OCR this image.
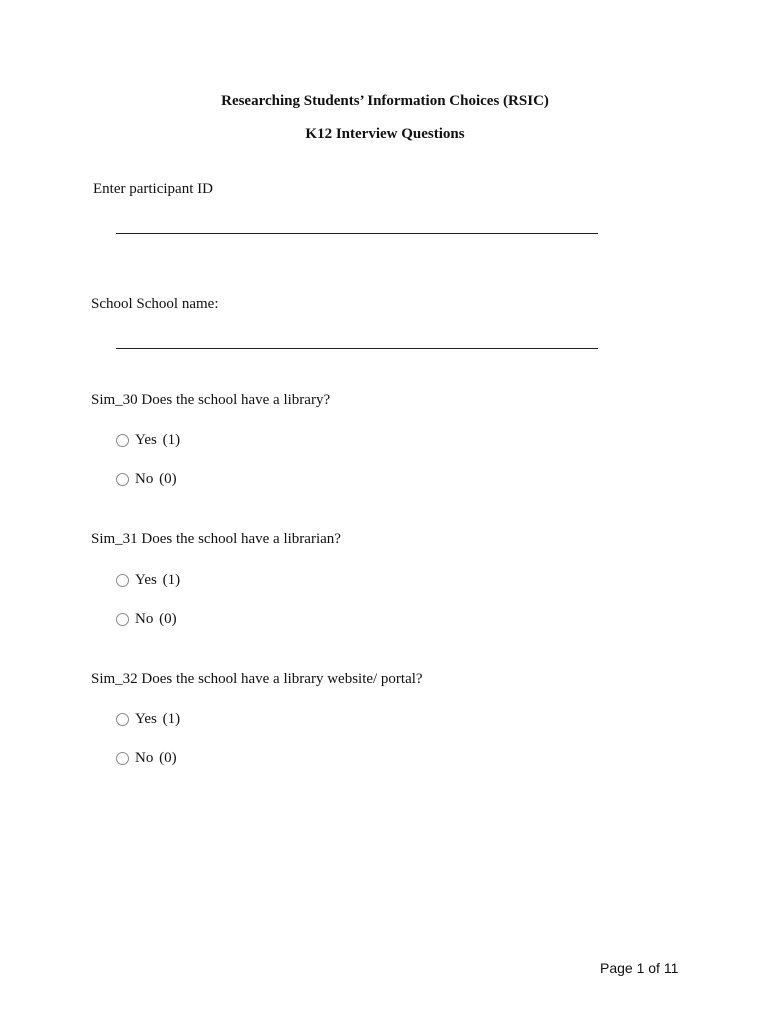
Researching Students’ Information Choices (RSIC)
K12 Interview Questions
Enter participant ID
School School name:
Sim_30 Does the school have a library?
Yes (1)
No (0)
Sim_31 Does the school have a librarian?
Yes (1)
No (0)
Sim_32 Does the school have a library website/ portal?
Yes (1)
No (0)
Page 1 of 11
